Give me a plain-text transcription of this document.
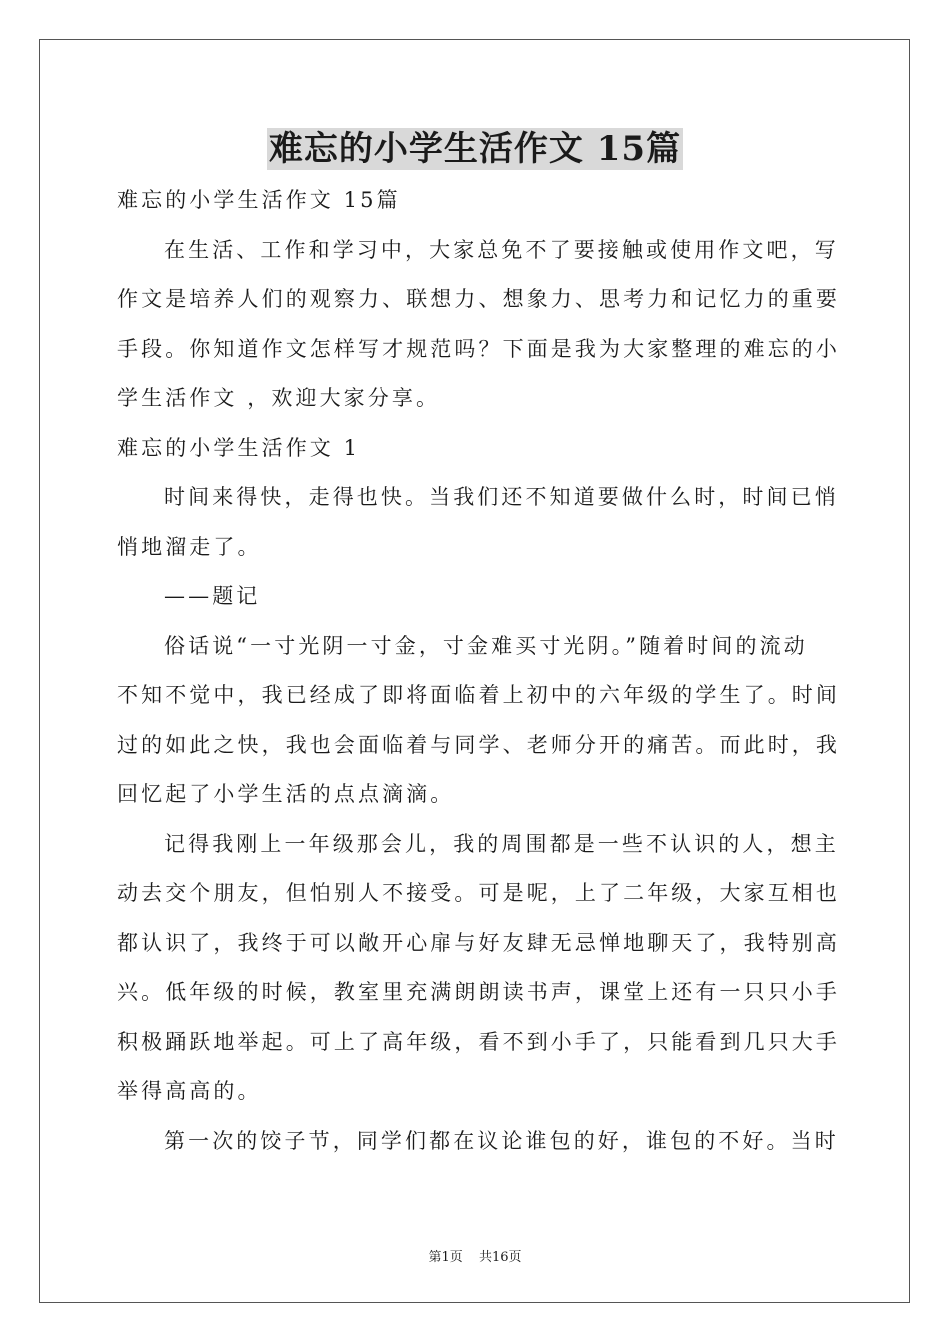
难忘的小学生活作文 15篇
难忘的小学生活作文 15篇
在生活、工作和学习中，大家总免不了要接触或使用作文吧，写
作文是培养人们的观察力、联想力、想象力、思考力和记忆力的重要
手段。你知道作文怎样写才规范吗？下面是我为大家整理的难忘的小
学生活作文 ，欢迎大家分享。
难忘的小学生活作文 1
时间来得快，走得也快。当我们还不知道要做什么时，时间已悄
悄地溜走了。
——题记
俗话说“一寸光阴一寸金，寸金难买寸光阴。”随着时间的流动
不知不觉中，我已经成了即将面临着上初中的六年级的学生了。时间
过的如此之快，我也会面临着与同学、老师分开的痛苦。而此时，我
回忆起了小学生活的点点滴滴。
记得我刚上一年级那会儿，我的周围都是一些不认识的人，想主
动去交个朋友，但怕别人不接受。可是呢，上了二年级，大家互相也
都认识了，我终于可以敞开心扉与好友肆无忌惮地聊天了，我特别高
兴。低年级的时候，教室里充满朗朗读书声，课堂上还有一只只小手
积极踊跃地举起。可上了高年级，看不到小手了，只能看到几只大手
举得高高的。
第一次的饺子节，同学们都在议论谁包的好，谁包的不好。当时
第1页 共16页
